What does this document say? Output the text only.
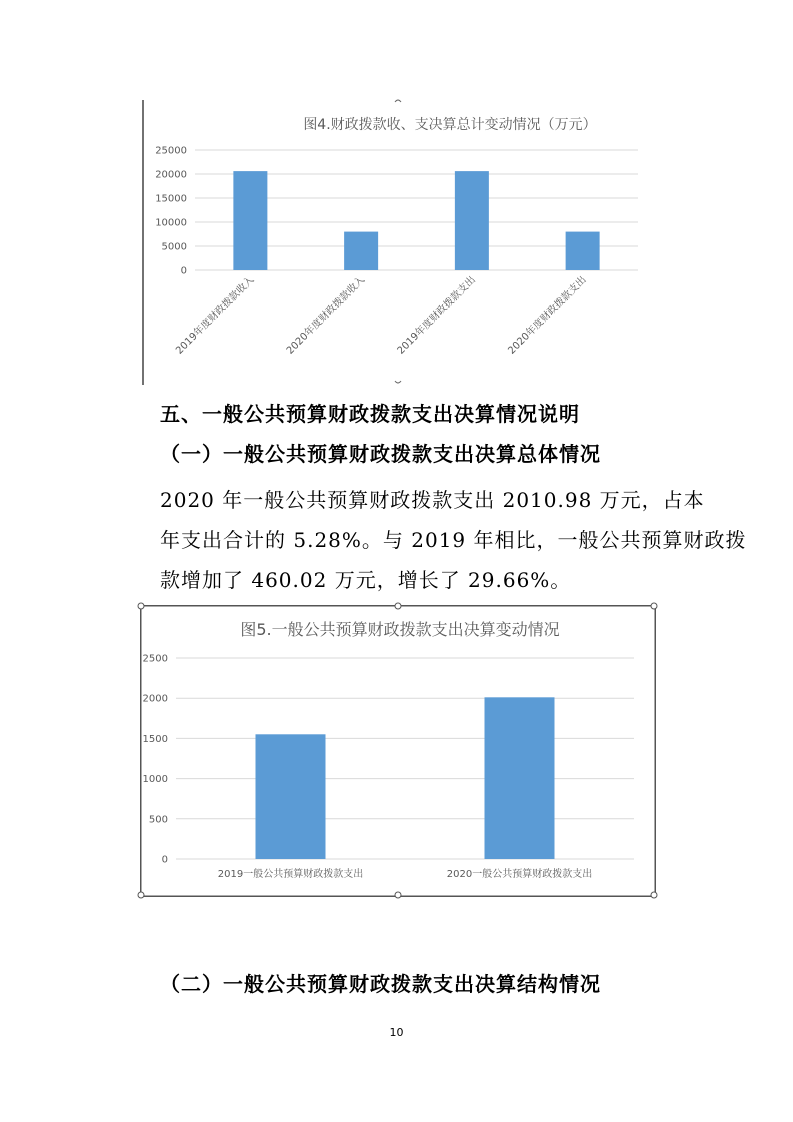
图4.财政拨款收、支决算总计变动情况（万元）
0
5000
10000
15000
20000
25000
2019年度财政拨款收入	2020年度财政拨款收入	2019年度财政拨款支出	2020年度财政拨款支出
五、一般公共预算财政拨款支出决算情况说明
（一）一般公共预算财政拨款支出决算总体情况
2020 年一般公共预算财政拨款支出 2010.98 万元，占本
年支出合计的 5.28%。与 2019 年相比，一般公共预算财政拨
款增加了 460.02 万元，增长了 29.66%。
图5.一般公共预算财政拨款支出决算变动情况
0
500
1000
1500
2000
2500
2019一般公共预算财政拨款支出	2020一般公共预算财政拨款支出
（二）一般公共预算财政拨款支出决算结构情况
10
